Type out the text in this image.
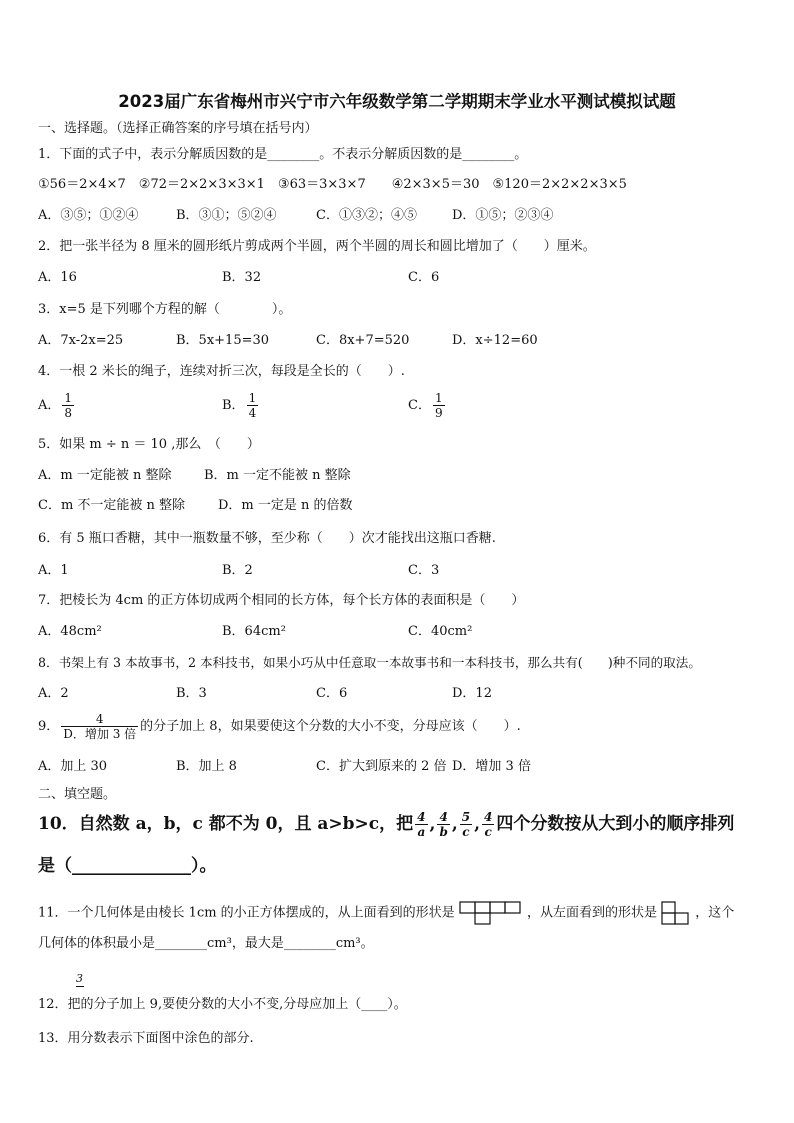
2023届广东省梅州市兴宁市六年级数学第二学期期末学业水平测试模拟试题
一、选择题。（选择正确答案的序号填在括号内）
1．下面的式子中，表示分解质因数的是________。不表示分解质因数的是________。
①56＝2×4×7　②72＝2×2×3×3×1　③63＝3×3×7　　④2×3×5＝30　⑤120＝2×2×2×3×5
A．③⑤；①②④	B．③①；⑤②④	C．①③②；④⑤	D．①⑤；②③④
2．把一张半径为 8 厘米的圆形纸片剪成两个半圆，两个半圆的周长和圆比增加了（　　）厘米。
A．16	B．32	C．6
3．x=5 是下列哪个方程的解（　　　　）。
A．7x-2x=25	B．5x+15=30	C．8x+7=520	D．x÷12=60
4．一根 2 米长的绳子，连续对折三次，每段是全长的（　　）.
A． $\frac{1}{8}$	B． $\frac{1}{4}$	C． $\frac{1}{9}$
5．如果 m ÷ n ＝ 10 ,那么　（　　）
A．m 一定能被 n 整除	B．m 一定不能被 n 整除
C．m 不一定能被 n 整除	D．m 一定是 n 的倍数
6．有 5 瓶口香糖，其中一瓶数量不够，至少称（　　）次才能找出这瓶口香糖.
A．1	B．2	C．3
7．把棱长为 4cm 的正方体切成两个相同的长方体，每个长方体的表面积是（　　）
A．48cm²	B．64cm²	C．40cm²
8．书架上有 3 本故事书，2 本科技书，如果小巧从中任意取一本故事书和一本科技书，那么共有(　　)种不同的取法。
A．2	B．3	C．6	D．12
9． $\frac{4}{\text{D．增加 3 倍}}$ 的分子加上 8，如果要使这个分数的大小不变，分母应该（　　）.
A．加上 30	B．加上 8	C．扩大到原来的 2 倍 D．增加 3 倍
二、填空题。
10．自然数 a，b，c 都不为 0，且 a>b>c，把 $\frac{4}{a}$ , $\frac{4}{b}$ , $\frac{5}{c}$ , $\frac{4}{c}$ 四个分数按从大到小的顺序排列
是（______________）。
11．一个几何体是由棱长 1cm 的小正方体摆成的，从上面看到的形状是	，从左面看到的形状是	，这个
几何体的体积最小是________cm³，最大是________cm³。
3
12．把的分子加上 9,要使分数的大小不变,分母应加上（____）。
13．用分数表示下面图中涂色的部分.
